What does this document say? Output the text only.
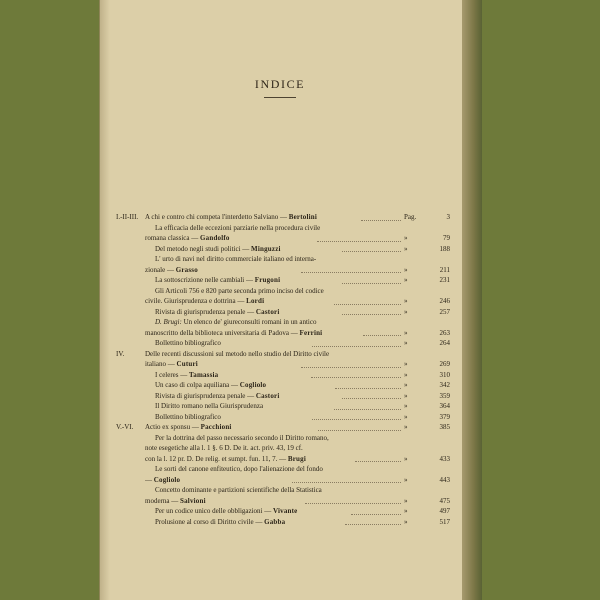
INDICE
I.-II-III. A chi e contro chi competa l'interdetto Salviano — Bertolini	Pag.	3
La efficacia delle eccezioni parziarie nella procedura civile
romana classica — Gandolfo	»	79
Del metodo negli studi politici — Minguzzi	»	188
L' urto di navi nel diritto commerciale italiano ed interna-
zionale — Grasso	»	211
La sottoscrizione nelle cambiali — Frugoni	»	231
Gli Articoli 756 e 820 parte seconda primo inciso del codice
civile. Giurisprudenza e dottrina — Lordi	»	246
Rivista di giurisprudenza penale — Castori	»	257
D. Brugi: Un elenco de' giureconsulti romani in un antico
manoscritto della biblioteca universitaria di Padova — Ferrini	»	263
Bollettino bibliografico	»	264
IV.	Delle recenti discussioni sul metodo nello studio del Diritto civile
italiano — Cuturi	»	269
I celeres — Tamassia	»	310
Un caso di colpa aquiliana — Cogliolo	»	342
Rivista di giurisprudenza penale — Castori	»	359
Il Diritto romano nella Giurisprudenza	»	364
Bollettino bibliografico	»	379
V.-VI.	Actio ex sponsu — Pacchioni	»	385
Per la dottrina del passo necessario secondo il Diritto romano,
note esegetiche alla l. 1 §. 6 D. De it. act. priv. 43, 19 cf.
con la l. 12 pr. D. De relig. et sumpt. fun. 11, 7. — Brugi	»	433
Le sorti del canone enfiteutico, dopo l'alienazione del fondo
— Cogliolo	»	443
Concetto dominante e partizioni scientifiche della Statistica
moderna — Salvioni	»	475
Per un codice unico delle obbligazioni — Vivante	»	497
Prolusione al corso di Diritto civile — Gabba	»	517
